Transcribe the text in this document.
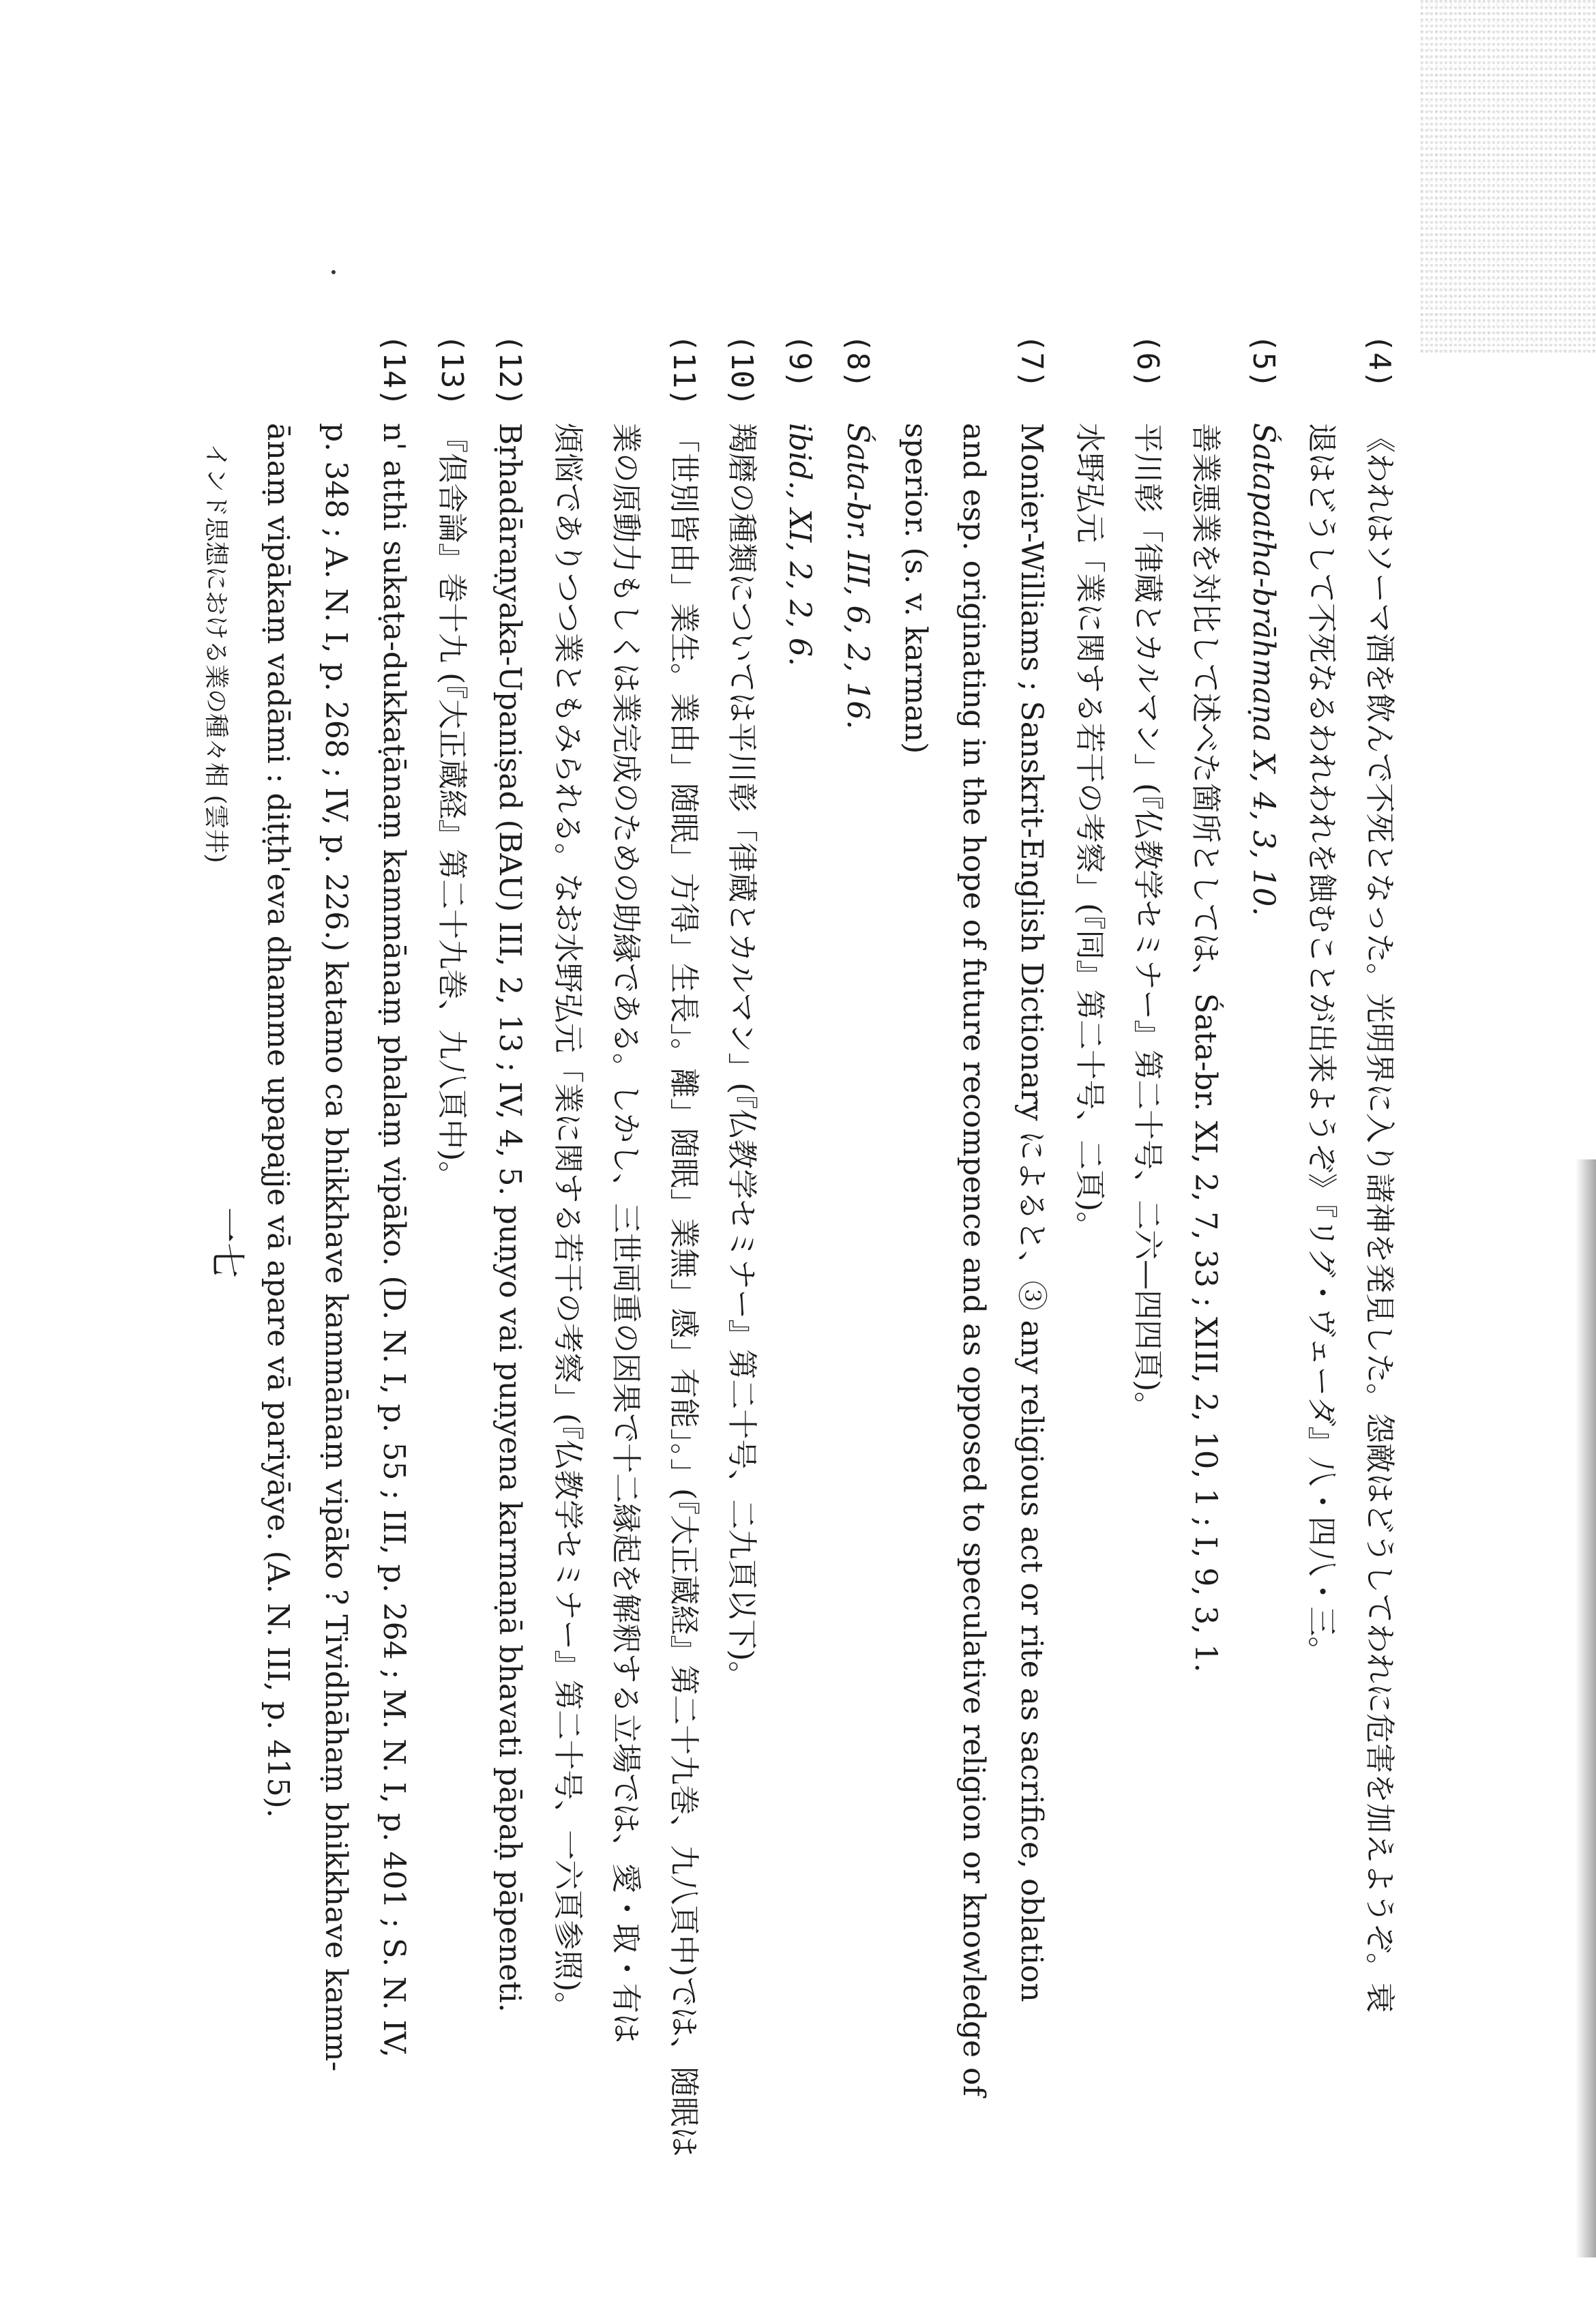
(4)
《われはソーマ酒を飲んで不死となった。光明界に入り諸神を発見した。怨敵はどうしてわれに危害を加えようぞ。衰
退はどうして不死なるわれわれを蝕むことが出来ようぞ》『リグ・ヴェーダ』八・四八・三。
(5)
Śatapatha-brāhmaṇa X, 4, 3, 10.
善業悪業を対比して述べた箇所としては、Śata-br. XI, 2, 7, 33 ; XIII, 2, 10, 1 ; I, 9, 3, 1.
(6)
平川彰「律蔵とカルマン」(『仏教学セミナー』第二十号、二六—四四頁)。
水野弘元「業に関する若干の考察」(『同』第二十号、二頁)。
(7)
Monier-Williams ; Sanskrit-English Dictionary によると、③ any religious act or rite as sacrifice, oblation
and esp. originating in the hope of future recompence and as opposed to speculative religion or knowledge of
sperior. (s. v. karman)
(8)
Śata-br. III, 6, 2, 16.
(9)
ibid., XI, 2, 2, 6.
(10)
羯磨の種類については平川彰「律蔵とカルマン」(『仏教学セミナー』第二十号、二九頁以下)。
(11)
「世別皆由」業生。業由」随眠」方得」生長」。離」随眠」業無」感」有能」。」(『大正蔵経』第二十九巻、九八頁中)では、随眠は
業の原動力もしくは業完成のための助縁である。しかし、三世両重の因果で十二縁起を解釈する立場では、愛・取・有は
煩悩でありつつ業ともみられる。なお水野弘元「業に関する若干の考察」(『仏教学セミナー』第二十号、一六頁参照)。
(12)
Bṛhadāraṇyaka-Upaniṣad (BAU) III, 2, 13 ; IV, 4, 5. puṇyo vai puṇyena karmaṇā bhavati pāpaḥ pāpeneti.
(13)
『倶舎論』巻十九 (『大正蔵経』第二十九巻、九八頁中)。
(14)
n' atthi sukaṭa-dukkaṭānaṃ kammānaṃ phalaṃ vipāko. (D. N. I, p. 55 ; III, p. 264 ; M. N. I, p. 401 ; S. N. IV,
p. 348 ; A. N. I, p. 268 ; IV, p. 226.) katamo ca bhikkhave kammānaṃ vipāko ? Tividhāhaṃ bhikkhave kamm-
ānaṃ vipākaṃ vadāmi : diṭṭh'eva dhamme upapajje vā apare vā pariyāye. (A. N. III, p. 415).
インド思想における業の種々相 (雲井)
一七
